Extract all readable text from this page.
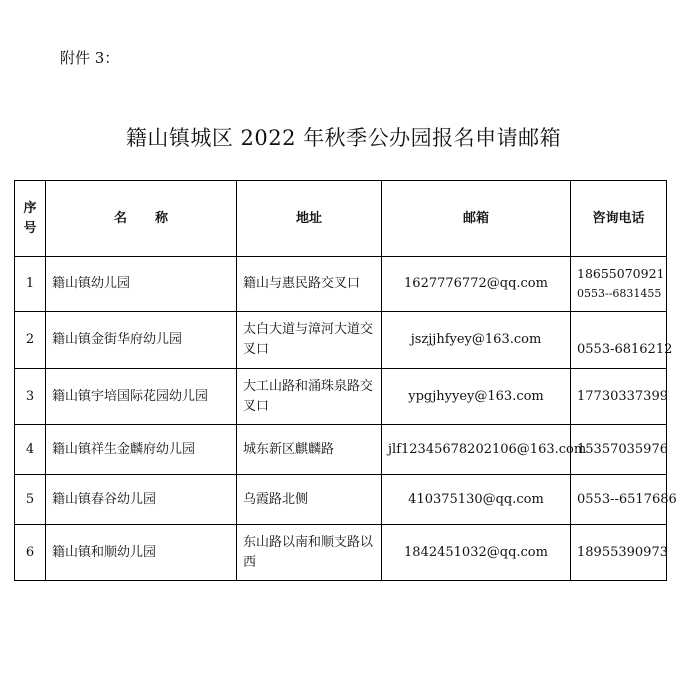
附件 3：
籍山镇城区 2022 年秋季公办园报名申请邮箱
序
号	名 称	地址	邮箱	咨询电话
1	籍山镇幼儿园	籍山与惠民路交叉口	1627776772@qq.com	18655070921
0553--6831455

2	籍山镇金街华府幼儿园	太白大道与漳河大道交叉口	jszjjhfyey@163.com	0553-6816212

3	籍山镇宇培国际花园幼儿园	大工山路和涌珠泉路交叉口	ypgjhyyey@163.com	17730337399
4	籍山镇祥生金麟府幼儿园	城东新区麒麟路	jlf12345678202106@163.com	15357035976
5	籍山镇春谷幼儿园	乌霞路北侧	410375130@qq.com	0553--6517686
6	籍山镇和顺幼儿园	东山路以南和顺支路以西	1842451032@qq.com	18955390973
